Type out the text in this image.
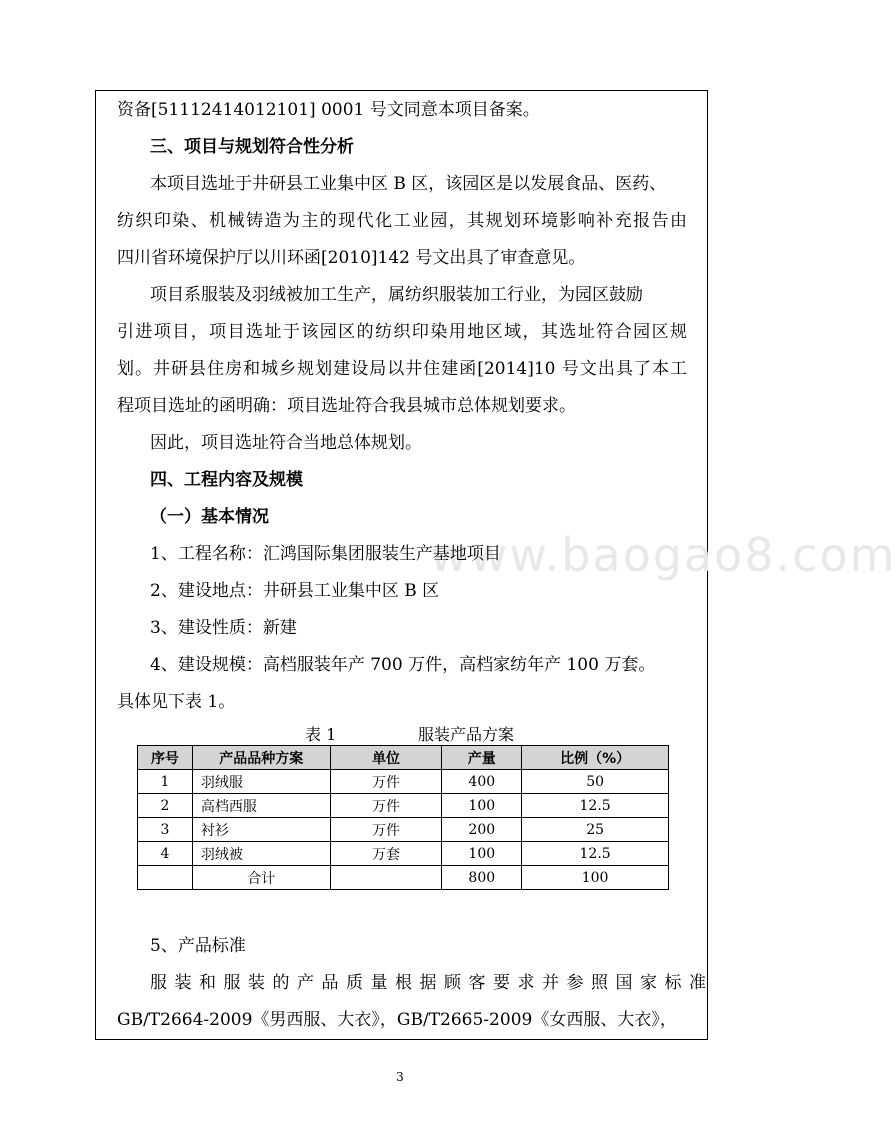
www.baogao8.com
资备[51112414012101] 0001 号文同意本项目备案。
三、项目与规划符合性分析
本项目选址于井研县工业集中区 B 区，该园区是以发展食品、医药、
纺织印染、机械铸造为主的现代化工业园，其规划环境影响补充报告由
四川省环境保护厅以川环函[2010]142 号文出具了审查意见。
项目系服装及羽绒被加工生产，属纺织服装加工行业，为园区鼓励
引进项目，项目选址于该园区的纺织印染用地区域，其选址符合园区规
划。井研县住房和城乡规划建设局以井住建函[2014]10 号文出具了本工
程项目选址的函明确：项目选址符合我县城市总体规划要求。
因此，项目选址符合当地总体规划。
四、工程内容及规模
（一）基本情况
1、工程名称：汇鸿国际集团服装生产基地项目
2、建设地点：井研县工业集中区 B 区
3、建设性质：新建
4、建设规模：高档服装年产 700 万件，高档家纺年产 100 万套。
具体见下表 1。
表 1	服装产品方案
序号	产品品种方案	单位	产量	比例（%）
1	羽绒服	万件	400	50
2	高档西服	万件	100	12.5
3	衬衫	万件	200	25
4	羽绒被	万套	100	12.5
	合计		800	100
5、产品标准
服装和服装的产品质量根据顾客要求并参照国家标准
GB/T2664-2009《男西服、大衣》，GB/T2665-2009《女西服、大衣》，
3
